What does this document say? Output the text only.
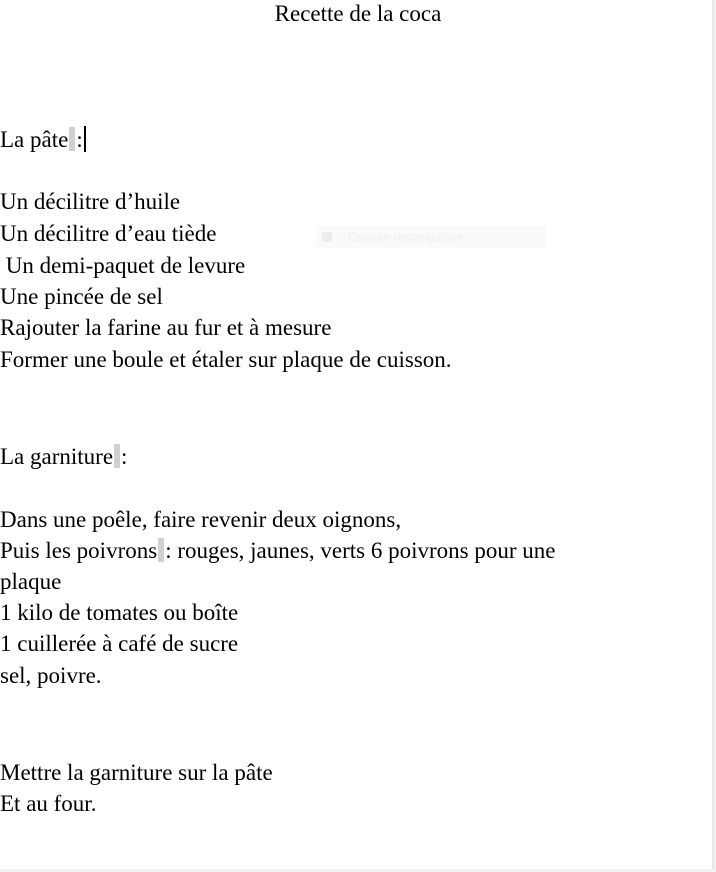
Recette de la coca
La pâte :
Un décilitre d’huile
Un décilitre d’eau tiède
Un demi-paquet de levure
Une pincée de sel
Rajouter la farine au fur et à mesure
Former une boule et étaler sur plaque de cuisson.
Capture rectangulaire
La garniture :
Dans une poêle, faire revenir deux oignons,
Puis les poivrons : rouges, jaunes, verts 6 poivrons pour une
plaque
1 kilo de tomates ou boîte
1 cuillerée à café de sucre
sel, poivre.
Mettre la garniture sur la pâte
Et au four.
